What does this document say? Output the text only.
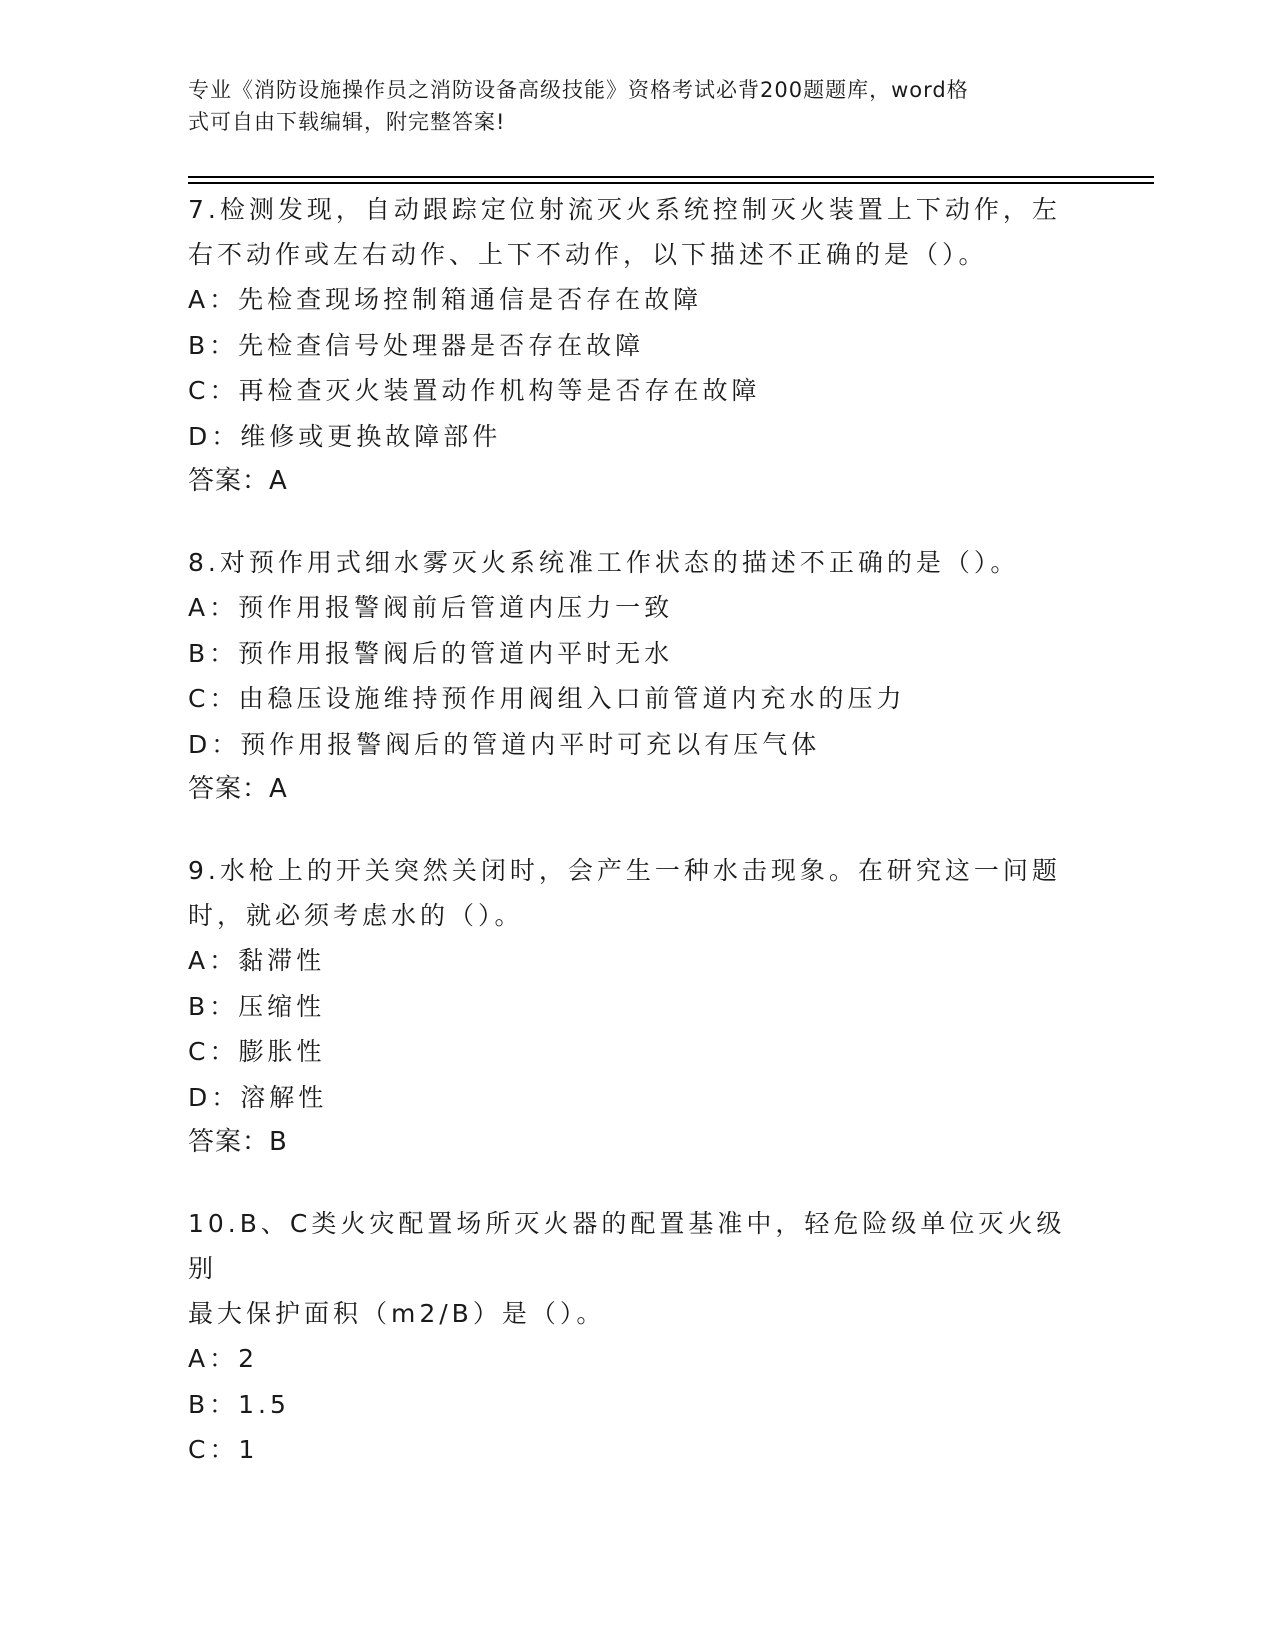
专业《消防设施操作员之消防设备高级技能》资格考试必背200题题库，word格
式可自由下载编辑，附完整答案!

7.检测发现，自动跟踪定位射流灭火系统控制灭火装置上下动作，左

右不动作或左右动作、上下不动作，以下描述不正确的是（）。

A：先检查现场控制箱通信是否存在故障

B：先检查信号处理器是否存在故障

C：再检查灭火装置动作机构等是否存在故障

D：维修或更换故障部件

答案：A

8.对预作用式细水雾灭火系统准工作状态的描述不正确的是（）。

A：预作用报警阀前后管道内压力一致

B：预作用报警阀后的管道内平时无水

C：由稳压设施维持预作用阀组入口前管道内充水的压力

D：预作用报警阀后的管道内平时可充以有压气体

答案：A

9.水枪上的开关突然关闭时，会产生一种水击现象。在研究这一问题

时，就必须考虑水的（）。

A：黏滞性

B：压缩性

C：膨胀性

D：溶解性

答案：B

10.B、C类火灾配置场所灭火器的配置基准中，轻危险级单位灭火级别

最大保护面积（m2/B）是（）。

A：2

B：1.5

C：1
